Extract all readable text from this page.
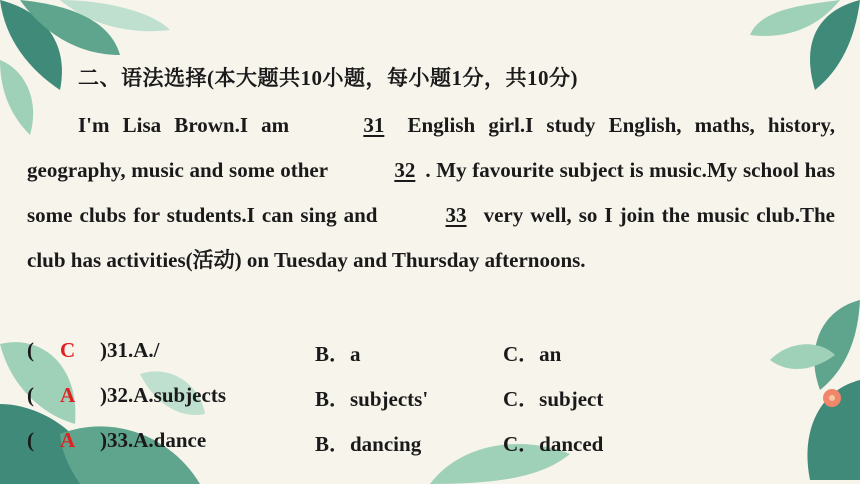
二、语法选择(本大题共10小题，每小题1分，共10分)
I'm Lisa Brown.I am	31 English girl.I study English, maths, history, geography, music and some other	32 . My favourite subject is music.My school has some clubs for students.I can sing and	33 very well, so I join the music club.The club has activities(活动) on Tuesday and Thursday afternoons.
( C )31.A./	B．a	C．an
( A )32.A.subjects	B．subjects'	C．subject
( A )33.A.dance	B．dancing	C．danced
